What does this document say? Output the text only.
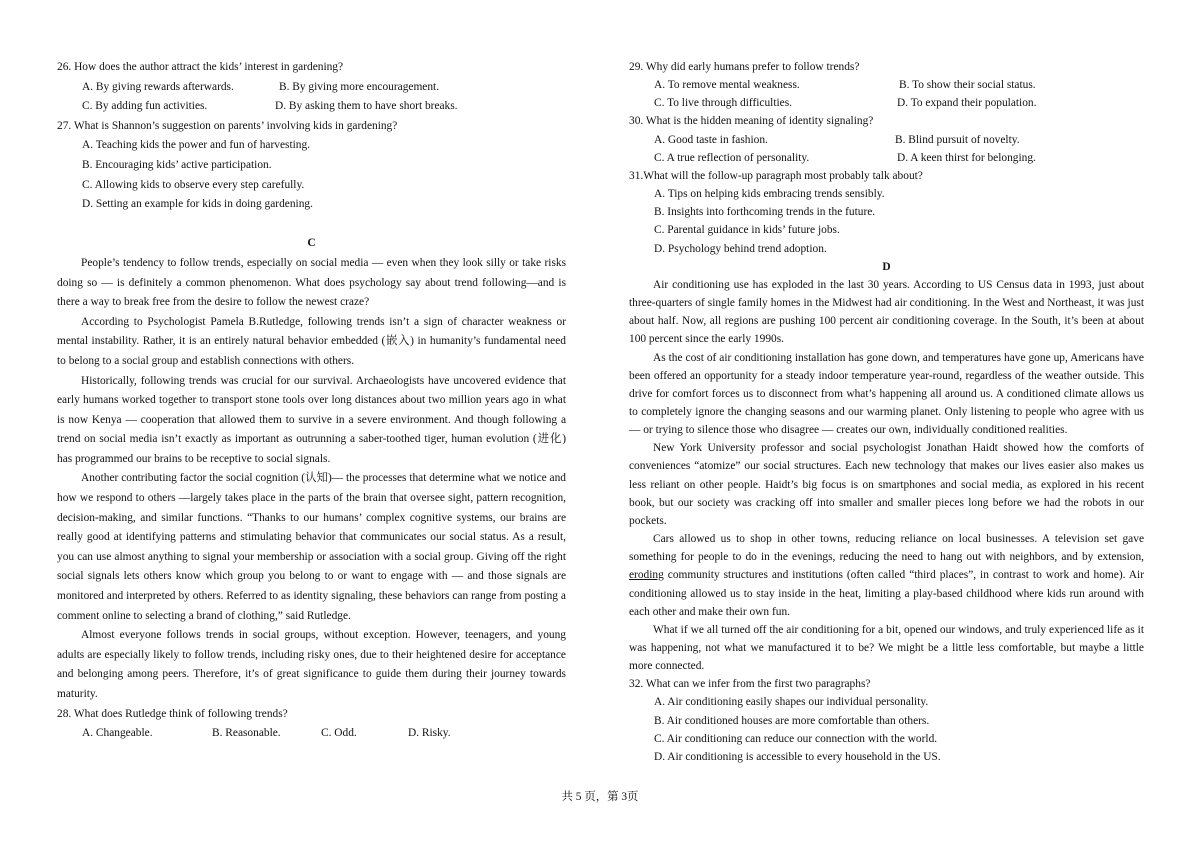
26. How does the author attract the kids’ interest in gardening?

A. By giving rewards afterwards.	B. By giving more encouragement.
C. By adding fun activities.	D. By asking them to have short breaks.

27. What is Shannon’s suggestion on parents’ involving kids in gardening?

A. Teaching kids the power and fun of harvesting.

B. Encouraging kids’ active participation.

C. Allowing kids to observe every step carefully.

D. Setting an example for kids in doing gardening.

C

People’s tendency to follow trends, especially on social media — even when they look silly or take risks doing so — is definitely a common phenomenon. What does psychology say about trend following—and is there a way to break free from the desire to follow the newest craze?

According to Psychologist Pamela B.Rutledge, following trends isn’t a sign of character weakness or mental instability. Rather, it is an entirely natural behavior embedded (嵌入) in humanity’s fundamental need to belong to a social group and establish connections with others.

Historically, following trends was crucial for our survival. Archaeologists have uncovered evidence that early humans worked together to transport stone tools over long distances about two million years ago in what is now Kenya — cooperation that allowed them to survive in a severe environment. And though following a trend on social media isn’t exactly as important as outrunning a saber-toothed tiger, human evolution (进化) has programmed our brains to be receptive to social signals.

Another contributing factor the social cognition (认知)— the processes that determine what we notice and how we respond to others —largely takes place in the parts of the brain that oversee sight, pattern recognition, decision-making, and similar functions. “Thanks to our humans’ complex cognitive systems, our brains are really good at identifying patterns and stimulating behavior that communicates our social status. As a result, you can use almost anything to signal your membership or association with a social group. Giving off the right social signals lets others know which group you belong to or want to engage with — and those signals are monitored and interpreted by others. Referred to as identity signaling, these behaviors can range from posting a comment online to selecting a brand of clothing,” said Rutledge.

Almost everyone follows trends in social groups, without exception. However, teenagers, and young adults are especially likely to follow trends, including risky ones, due to their heightened desire for acceptance and belonging among peers. Therefore, it’s of great significance to guide them during their journey towards maturity.

28. What does Rutledge think of following trends?

A. Changeable.	B. Reasonable.	C. Odd.	D. Risky.

29. Why did early humans prefer to follow trends?

A. To remove mental weakness.	B. To show their social status.
C. To live through difficulties.	D. To expand their population.

30. What is the hidden meaning of identity signaling?

A. Good taste in fashion.	B. Blind pursuit of novelty.
C. A true reflection of personality.	D. A keen thirst for belonging.

31.What will the follow-up paragraph most probably talk about?

A. Tips on helping kids embracing trends sensibly.

B. Insights into forthcoming trends in the future.

C. Parental guidance in kids’ future jobs.

D. Psychology behind trend adoption.

D

Air conditioning use has exploded in the last 30 years. According to US Census data in 1993, just about three-quarters of single family homes in the Midwest had air conditioning. In the West and Northeast, it was just about half. Now, all regions are pushing 100 percent air conditioning coverage. In the South, it’s been at about 100 percent since the early 1990s.

As the cost of air conditioning installation has gone down, and temperatures have gone up, Americans have been offered an opportunity for a steady indoor temperature year-round, regardless of the weather outside. This drive for comfort forces us to disconnect from what’s happening all around us. A conditioned climate allows us to completely ignore the changing seasons and our warming planet. Only listening to people who agree with us — or trying to silence those who disagree — creates our own, individually conditioned realities.

New York University professor and social psychologist Jonathan Haidt showed how the comforts of conveniences “atomize” our social structures. Each new technology that makes our lives easier also makes us less reliant on other people. Haidt’s big focus is on smartphones and social media, as explored in his recent book, but our society was cracking off into smaller and smaller pieces long before we had the robots in our pockets.

Cars allowed us to shop in other towns, reducing reliance on local businesses. A television set gave something for people to do in the evenings, reducing the need to hang out with neighbors, and by extension, eroding community structures and institutions (often called “third places”, in contrast to work and home). Air conditioning allowed us to stay inside in the heat, limiting a play-based childhood where kids run around with each other and make their own fun.

What if we all turned off the air conditioning for a bit, opened our windows, and truly experienced life as it was happening, not what we manufactured it to be? We might be a little less comfortable, but maybe a little more connected.

32. What can we infer from the first two paragraphs?

A. Air conditioning easily shapes our individual personality.

B. Air conditioned houses are more comfortable than others.

C. Air conditioning can reduce our connection with the world.

D. Air conditioning is accessible to every household in the US.

共 5 页，第 3页
